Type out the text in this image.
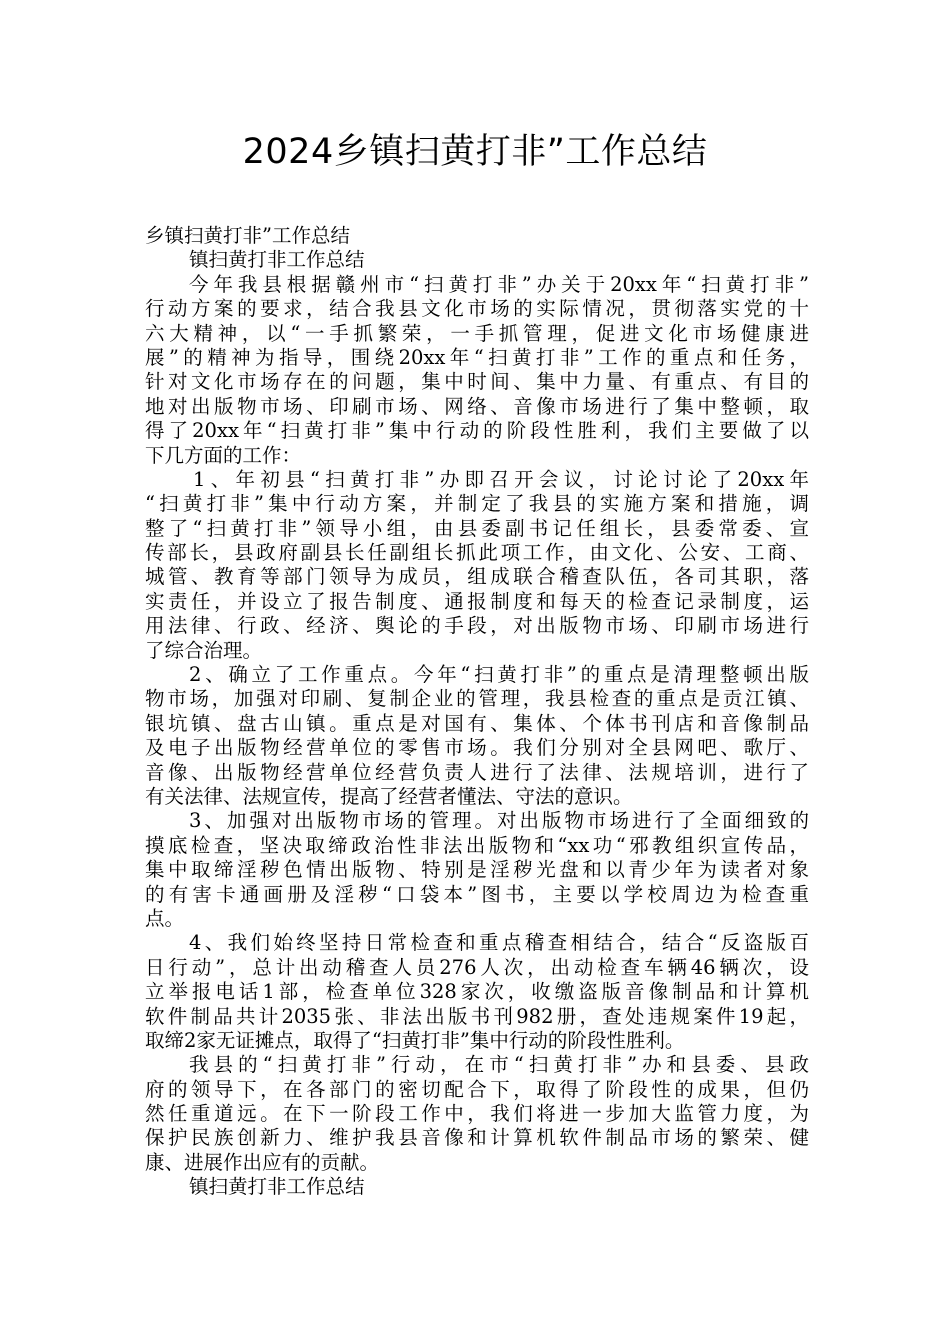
2024乡镇扫黄打非”工作总结
乡镇扫黄打非”工作总结
镇扫黄打非工作总结
今年我县根据赣州市“扫黄打非”办关于20xx年“扫黄打非”
行动方案的要求，结合我县文化市场的实际情况，贯彻落实党的十
六大精神，以“一手抓繁荣，一手抓管理，促进文化市场健康进
展”的精神为指导，围绕20xx年“扫黄打非”工作的重点和任务，
针对文化市场存在的问题，集中时间、集中力量、有重点、有目的
地对出版物市场、印刷市场、网络、音像市场进行了集中整顿，取
得了20xx年“扫黄打非”集中行动的阶段性胜利，我们主要做了以
下几方面的工作：
1、年初县“扫黄打非”办即召开会议，讨论讨论了20xx年
“扫黄打非”集中行动方案，并制定了我县的实施方案和措施，调
整了“扫黄打非”领导小组，由县委副书记任组长，县委常委、宣
传部长，县政府副县长任副组长抓此项工作，由文化、公安、工商、
城管、教育等部门领导为成员，组成联合稽查队伍，各司其职，落
实责任，并设立了报告制度、通报制度和每天的检查记录制度，运
用法律、行政、经济、舆论的手段，对出版物市场、印刷市场进行
了综合治理。
2、确立了工作重点。今年“扫黄打非”的重点是清理整顿出版
物市场，加强对印刷、复制企业的管理，我县检查的重点是贡江镇、
银坑镇、盘古山镇。重点是对国有、集体、个体书刊店和音像制品
及电子出版物经营单位的零售市场。我们分别对全县网吧、歌厅、
音像、出版物经营单位经营负责人进行了法律、法规培训，进行了
有关法律、法规宣传，提高了经营者懂法、守法的意识。
3、加强对出版物市场的管理。对出版物市场进行了全面细致的
摸底检查，坚决取缔政治性非法出版物和“xx功“邪教组织宣传品，
集中取缔淫秽色情出版物、特别是淫秽光盘和以青少年为读者对象
的有害卡通画册及淫秽“口袋本”图书，主要以学校周边为检查重
点。
4、我们始终坚持日常检查和重点稽查相结合，结合“反盗版百
日行动”，总计出动稽查人员276人次，出动检查车辆46辆次，设
立举报电话1部，检查单位328家次，收缴盗版音像制品和计算机
软件制品共计2035张、非法出版书刊982册，查处违规案件19起，
取缔2家无证摊点，取得了“扫黄打非”集中行动的阶段性胜利。
我县的“扫黄打非”行动，在市“扫黄打非”办和县委、县政
府的领导下，在各部门的密切配合下，取得了阶段性的成果，但仍
然任重道远。在下一阶段工作中，我们将进一步加大监管力度，为
保护民族创新力、维护我县音像和计算机软件制品市场的繁荣、健
康、进展作出应有的贡献。
镇扫黄打非工作总结
